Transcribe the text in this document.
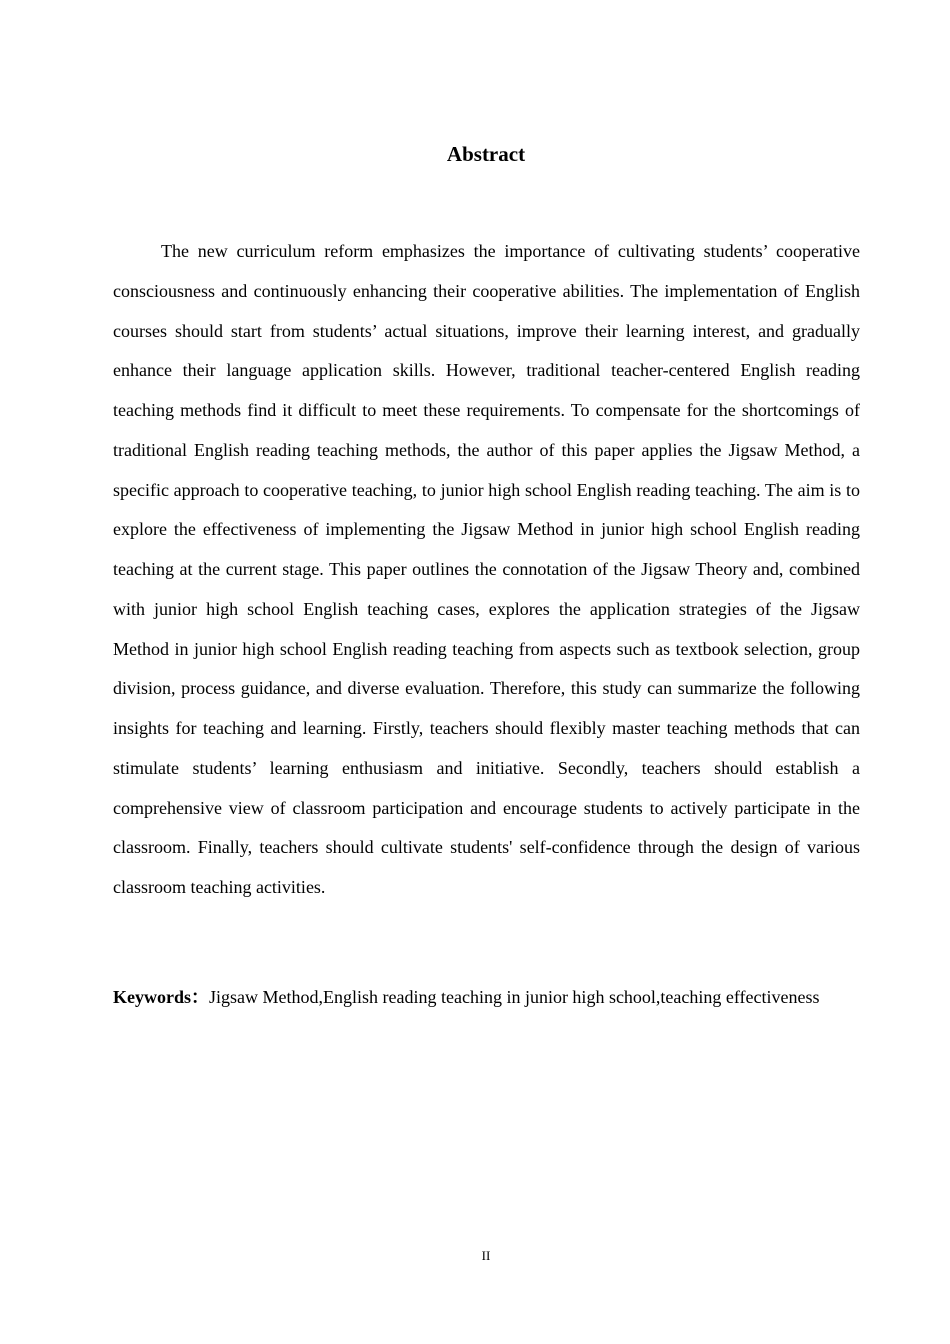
Abstract

The new curriculum reform emphasizes the importance of cultivating students’ cooperative consciousness and continuously enhancing their cooperative abilities. The implementation of English courses should start from students’ actual situations, improve their learning interest, and gradually enhance their language application skills. However, traditional teacher-centered English reading teaching methods find it difficult to meet these requirements. To compensate for the shortcomings of traditional English reading teaching methods, the author of this paper applies the Jigsaw Method, a specific approach to cooperative teaching, to junior high school English reading teaching. The aim is to explore the effectiveness of implementing the Jigsaw Method in junior high school English reading teaching at the current stage. This paper outlines the connotation of the Jigsaw Theory and, combined with junior high school English teaching cases, explores the application strategies of the Jigsaw Method in junior high school English reading teaching from aspects such as textbook selection, group division, process guidance, and diverse evaluation. Therefore, this study can summarize the following insights for teaching and learning. Firstly, teachers should flexibly master teaching methods that can stimulate students’ learning enthusiasm and initiative. Secondly, teachers should establish a comprehensive view of classroom participation and encourage students to actively participate in the classroom. Finally, teachers should cultivate students' self-confidence through the design of various classroom teaching activities.

Keywords：Jigsaw Method,English reading teaching in junior high school,teaching effectiveness

II
